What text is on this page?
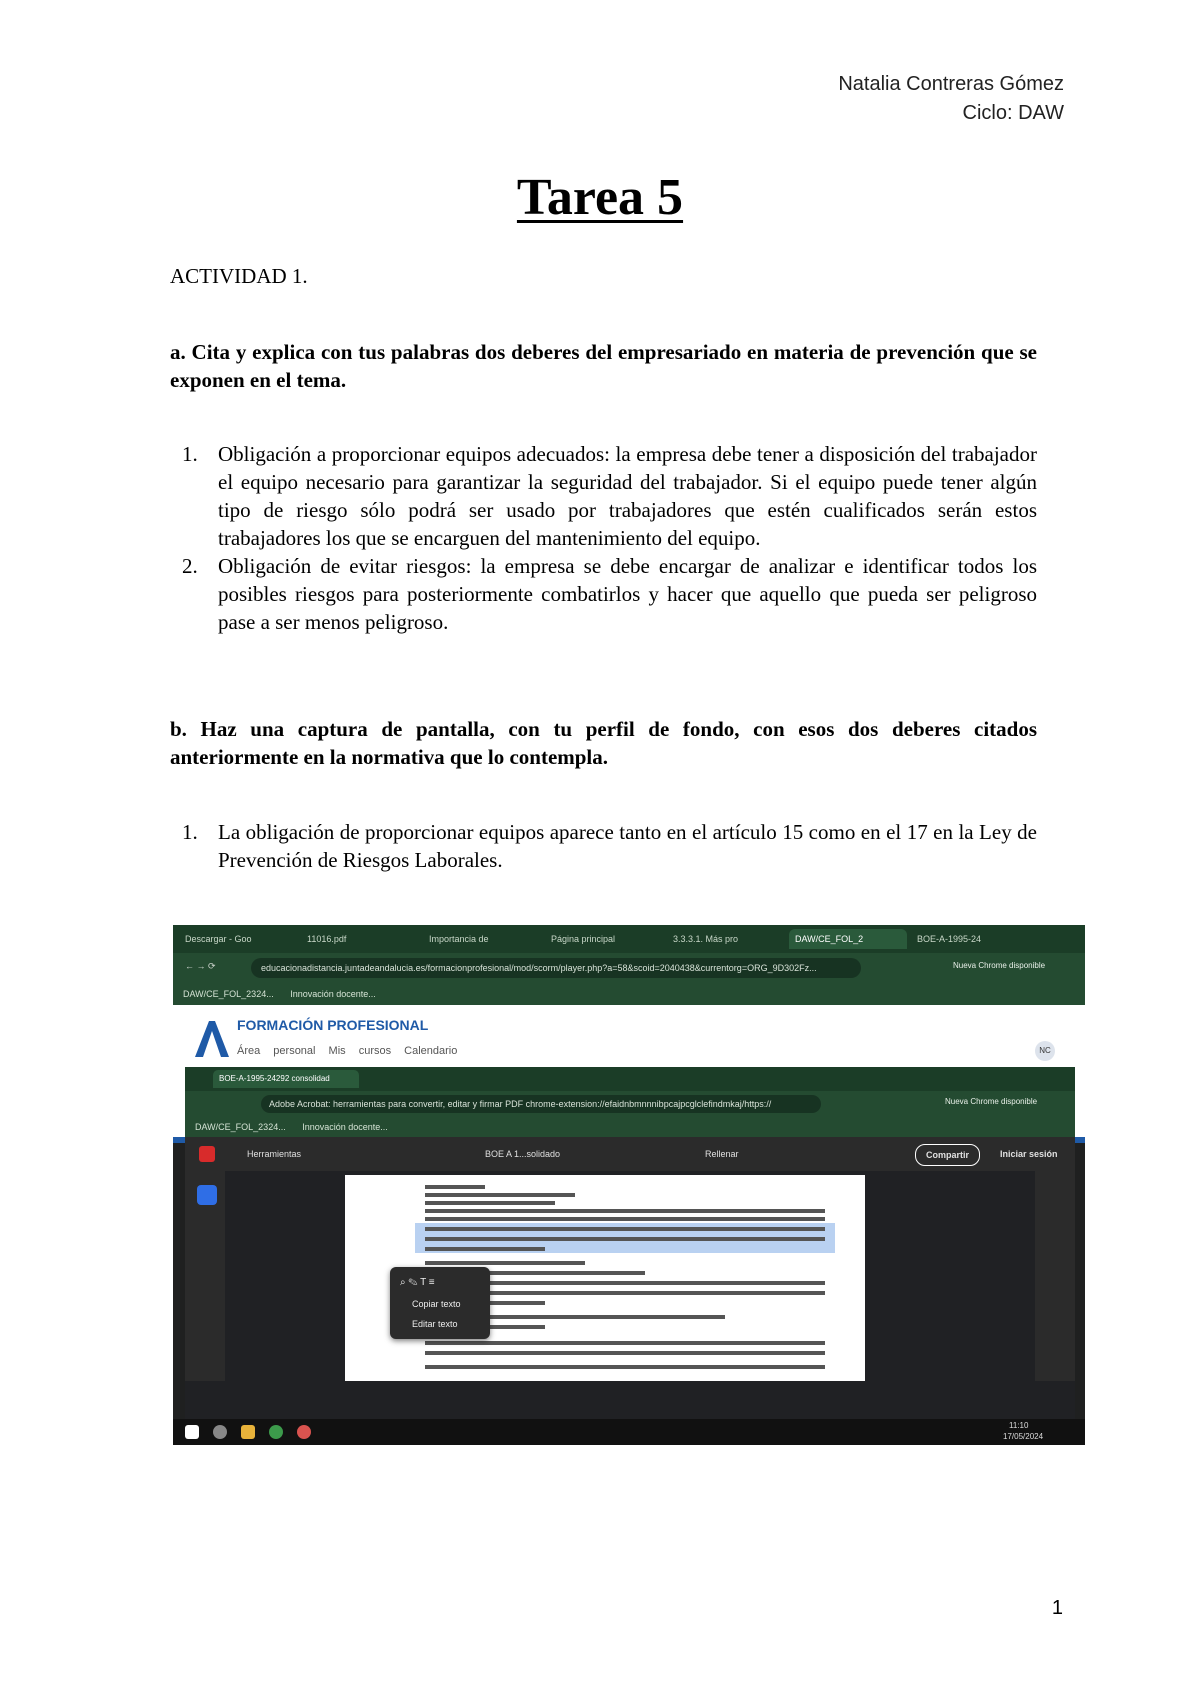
Natalia Contreras Gómez
Ciclo: DAW
Tarea 5
ACTIVIDAD 1.
a. Cita y explica con tus palabras dos deberes del empresariado en materia de prevención que se exponen en el tema.
1. Obligación a proporcionar equipos adecuados: la empresa debe tener a disposición del trabajador el equipo necesario para garantizar la seguridad del trabajador. Si el equipo puede tener algún tipo de riesgo sólo podrá ser usado por trabajadores que estén cualificados serán estos trabajadores los que se encarguen del mantenimiento del equipo.
2. Obligación de evitar riesgos: la empresa se debe encargar de analizar e identificar todos los posibles riesgos para posteriormente combatirlos y hacer que aquello que pueda ser peligroso pase a ser menos peligroso.
b. Haz una captura de pantalla, con tu perfil de fondo, con esos dos deberes citados anteriormente en la normativa que lo contempla.
1. La obligación de proporcionar equipos aparece tanto en el artículo 15 como en el 17 en la Ley de Prevención de Riesgos Laborales.
Descargar - Goo	11016.pdf	Importancia de	Página principal	3.3.3.1. Más pro	DAW/CE_FOL_2	BOE-A-1995-24
← → ⟳	educacionadistancia.juntadeandalucia.es/formacionprofesional/mod/scorm/player.php?a=58&scoid=2040438&currentorg=ORG_9D302Fz...	Nueva Chrome disponible
DAW/CE_FOL_2324... Innovación docente...
FORMACIÓN PROFESIONAL
Área personal Mis cursos Calendario	NC
BOE-A-1995-24292 consolidad
Adobe Acrobat: herramientas para convertir, editar y firmar PDF chrome-extension://efaidnbmnnnibpcajpcglclefindmkaj/https://	Nueva Chrome disponible
DAW/CE_FOL_2324... Innovación docente...
Herramientas	BOE A 1...solidado	Rellenar	Compartir	Iniciar sesión
⌕ ✎ T ≡
Copiar texto
Editar texto
11:10
17/05/2024
1
